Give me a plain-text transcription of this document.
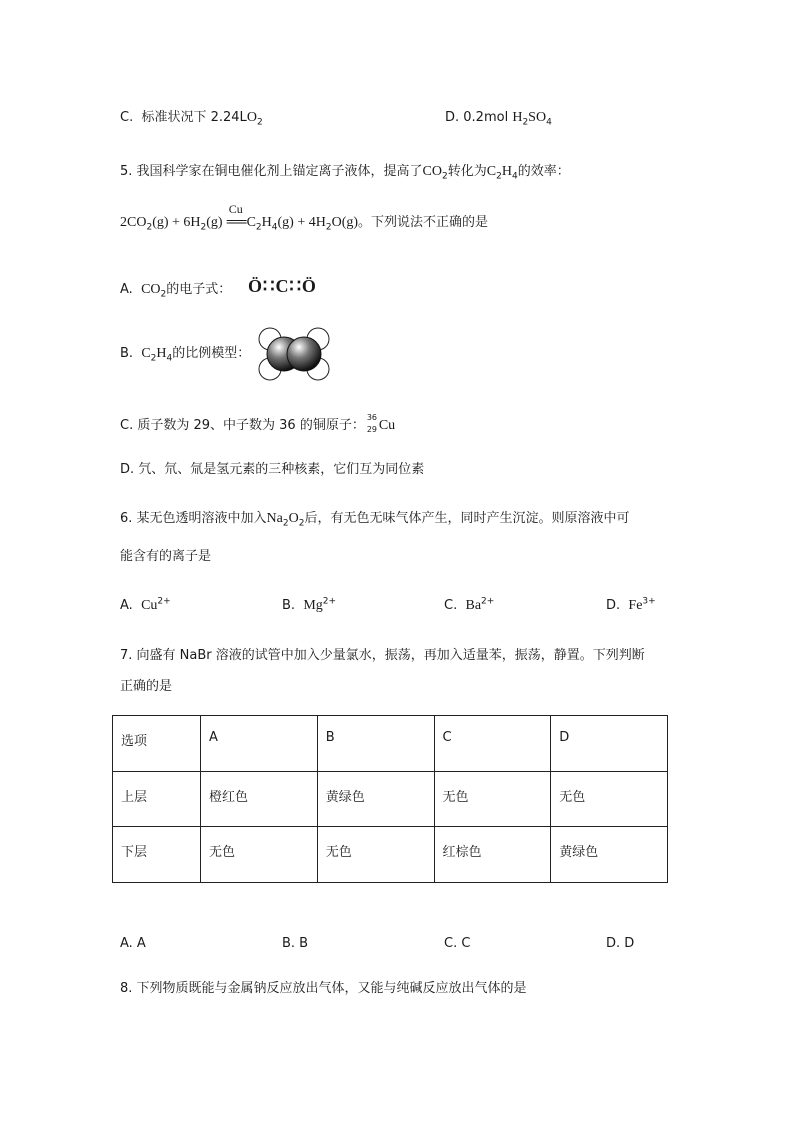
C. 标准状况下 $2.24LO_2$	D. 0.2mol $H_2SO_4$
5. 我国科学家在铜电催化剂上锚定离子液体，提高了$CO_2$转化为$C_2H_4$的效率：
$2CO_2(g) + 6H_2(g)$
Cu
$══C_2H_4(g) + 4H_2O(g)$。下列说法不正确的是
A. $CO_2$的电子式： Ö∷C∷Ö
B. $C_2H_4$的比例模型：
C. 质子数为 29、中子数为 36 的铜原子：
36
29 Cu
D. 氕、氘、氚是氢元素的三种核素，它们互为同位素
6. 某无色透明溶液中加入$Na_2O_2$后，有无色无味气体产生，同时产生沉淀。则原溶液中可
能含有的离子是
A. $Cu^{2+}$	B. $Mg^{2+}$	C. $Ba^{2+}$	D. $Fe^{3+}$
7. 向盛有 NaBr 溶液的试管中加入少量氯水，振荡，再加入适量苯，振荡，静置。下列判断
正确的是
选项	A	B	C	D
上层	橙红色	黄绿色	无色	无色
下层	无色	无色	红棕色	黄绿色
A. A	B. B	C. C	D. D
8. 下列物质既能与金属钠反应放出气体，又能与纯碱反应放出气体的是
